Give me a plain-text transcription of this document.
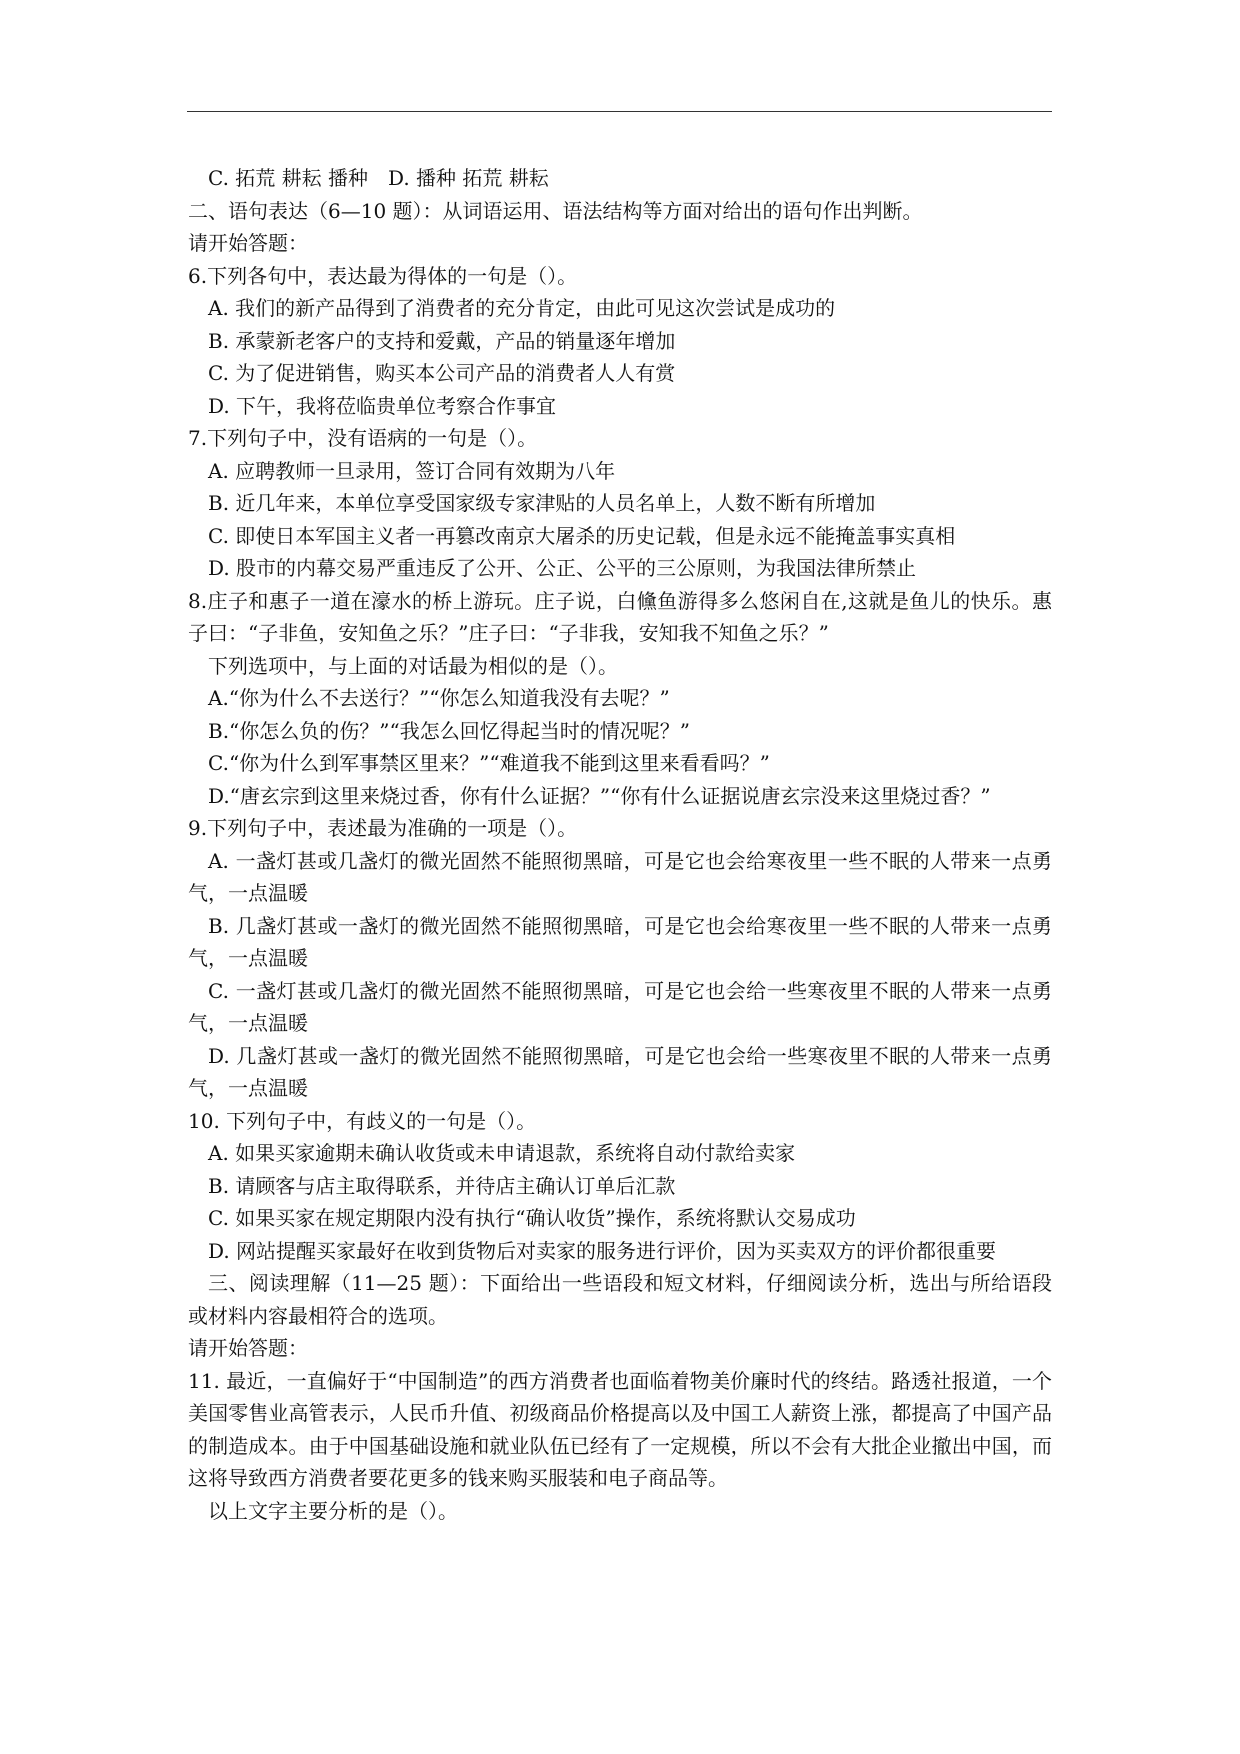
C. 拓荒 耕耘 播种　D. 播种 拓荒 耕耘

二、语句表达（6—10 题）：从词语运用、语法结构等方面对给出的语句作出判断。

请开始答题：

6.下列各句中，表达最为得体的一句是（）。

A. 我们的新产品得到了消费者的充分肯定，由此可见这次尝试是成功的

B. 承蒙新老客户的支持和爱戴，产品的销量逐年增加

C. 为了促进销售，购买本公司产品的消费者人人有赏

D. 下午，我将莅临贵单位考察合作事宜

7.下列句子中，没有语病的一句是（）。

A. 应聘教师一旦录用，签订合同有效期为八年

B. 近几年来，本单位享受国家级专家津贴的人员名单上，人数不断有所增加

C. 即使日本军国主义者一再篡改南京大屠杀的历史记载，但是永远不能掩盖事实真相

D. 股市的内幕交易严重违反了公开、公正、公平的三公原则，为我国法律所禁止

8.庄子和惠子一道在濠水的桥上游玩。庄子说，白儵鱼游得多么悠闲自在,这就是鱼儿的快乐。惠子曰：“子非鱼，安知鱼之乐？”庄子曰：“子非我，安知我不知鱼之乐？”

下列选项中，与上面的对话最为相似的是（）。

A.“你为什么不去送行？”“你怎么知道我没有去呢？”

B.“你怎么负的伤？”“我怎么回忆得起当时的情况呢？”

C.“你为什么到军事禁区里来？”“难道我不能到这里来看看吗？”

D.“唐玄宗到这里来烧过香，你有什么证据？”“你有什么证据说唐玄宗没来这里烧过香？”

9.下列句子中，表述最为准确的一项是（）。

A. 一盏灯甚或几盏灯的微光固然不能照彻黑暗，可是它也会给寒夜里一些不眠的人带来一点勇气，一点温暖

B. 几盏灯甚或一盏灯的微光固然不能照彻黑暗，可是它也会给寒夜里一些不眠的人带来一点勇气，一点温暖

C. 一盏灯甚或几盏灯的微光固然不能照彻黑暗，可是它也会给一些寒夜里不眠的人带来一点勇气，一点温暖

D. 几盏灯甚或一盏灯的微光固然不能照彻黑暗，可是它也会给一些寒夜里不眠的人带来一点勇气，一点温暖

10. 下列句子中，有歧义的一句是（）。

A. 如果买家逾期未确认收货或未申请退款，系统将自动付款给卖家

B. 请顾客与店主取得联系，并待店主确认订单后汇款

C. 如果买家在规定期限内没有执行“确认收货”操作，系统将默认交易成功

D. 网站提醒买家最好在收到货物后对卖家的服务进行评价，因为买卖双方的评价都很重要

三、阅读理解（11—25 题）：下面给出一些语段和短文材料，仔细阅读分析，选出与所给语段或材料内容最相符合的选项。

请开始答题：

11. 最近，一直偏好于“中国制造”的西方消费者也面临着物美价廉时代的终结。路透社报道，一个美国零售业高管表示，人民币升值、初级商品价格提高以及中国工人薪资上涨，都提高了中国产品的制造成本。由于中国基础设施和就业队伍已经有了一定规模，所以不会有大批企业撤出中国，而这将导致西方消费者要花更多的钱来购买服装和电子商品等。

以上文字主要分析的是（）。
